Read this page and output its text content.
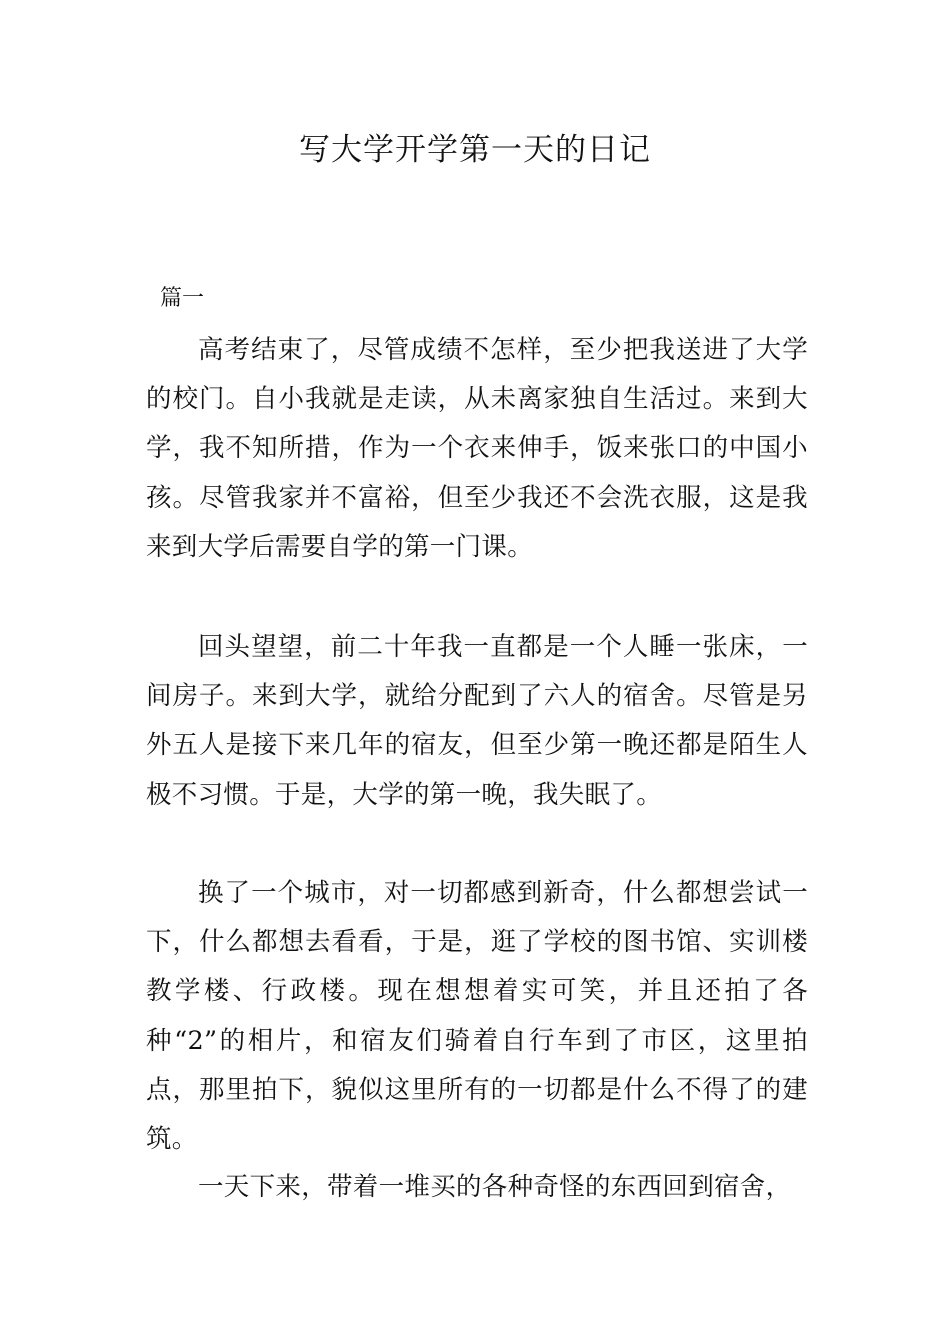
写大学开学第一天的日记

篇一

高考结束了，尽管成绩不怎样，至少把我送进了大学的校门。自小我就是走读，从未离家独自生活过。来到大学，我不知所措，作为一个衣来伸手，饭来张口的中国小孩。尽管我家并不富裕，但至少我还不会洗衣服，这是我来到大学后需要自学的第一门课。

回头望望，前二十年我一直都是一个人睡一张床，一间房子。来到大学，就给分配到了六人的宿舍。尽管是另外五人是接下来几年的宿友，但至少第一晚还都是陌生人极不习惯。于是，大学的第一晚，我失眠了。

换了一个城市，对一切都感到新奇，什么都想尝试一下，什么都想去看看，于是，逛了学校的图书馆、实训楼教学楼、行政楼。现在想想着实可笑，并且还拍了各种“2”的相片，和宿友们骑着自行车到了市区，这里拍点，那里拍下，貌似这里所有的一切都是什么不得了的建筑。

一天下来，带着一堆买的各种奇怪的东西回到宿舍，
